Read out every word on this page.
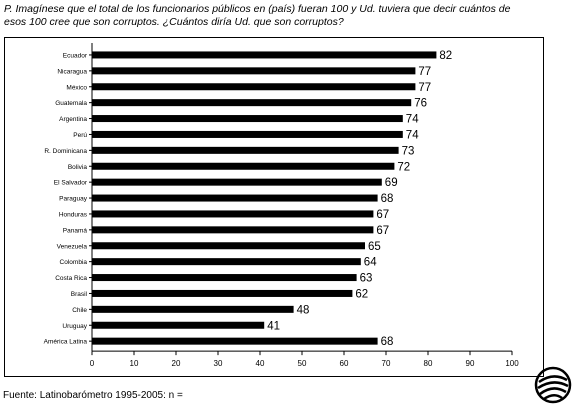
P. Imagínese que el total de los funcionarios públicos en (país) fueran 100 y Ud. tuviera que decir cuántos de
esos 100 cree que son corruptos. ¿Cuántos diría Ud. que son corruptos?
Ecuador	82
Nicaragua	77
México	77
Guatemala	76
Argentina	74
Perú	74
R. Dominicana	73
Bolivia	72
El Salvador	69
Paraguay	68
Honduras	67
Panamá	67
Venezuela	65
Colombia	64
Costa Rica	63
Brasil	62
Chile	48
Uruguay	41
América Latina	68
0	10	20	30	40	50	60	70	80	90	100
Fuente: Latinobarómetro 1995-2005: n =
